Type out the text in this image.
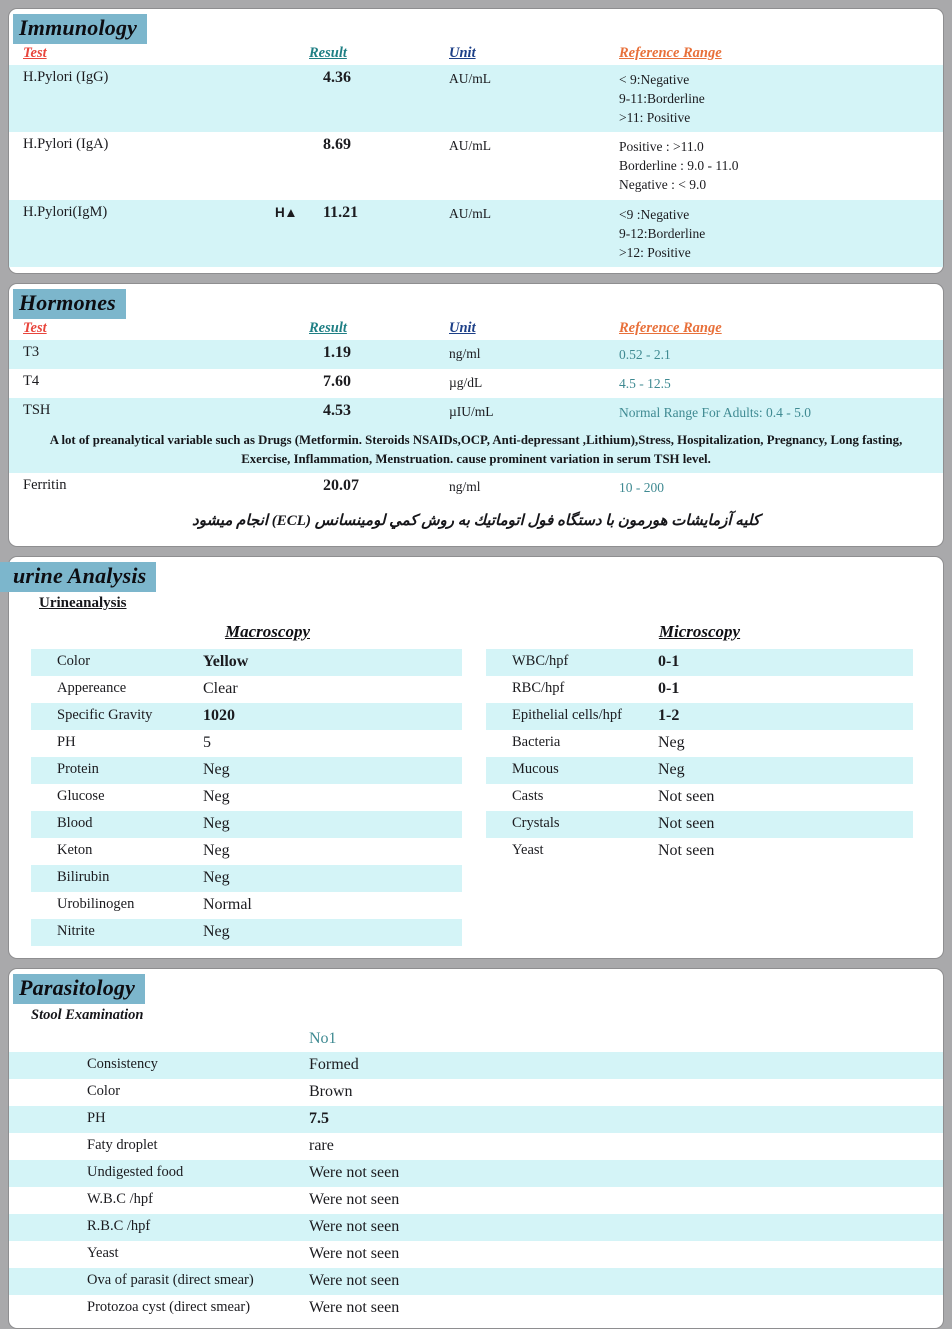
Immunology
Test	Result	Unit	Reference Range
H.Pylori (IgG)	4.36	AU/mL	< 9:Negative
9-11:Borderline
>11: Positive
H.Pylori (IgA)	8.69	AU/mL	Positive : >11.0
Borderline : 9.0 - 11.0
Negative : < 9.0
H.Pylori(IgM)	H▲ 11.21	AU/mL	<9 :Negative
9-12:Borderline
>12: Positive
Hormones
Test	Result	Unit	Reference Range
T3	1.19	ng/ml	0.52 - 2.1
T4	7.60	µg/dL	4.5 - 12.5
TSH	4.53	µIU/mL	Normal Range For Adults: 0.4 - 5.0
A lot of preanalytical variable such as Drugs (Metformin. Steroids NSAIDs,OCP, Anti-depressant ,Lithium),Stress, Hospitalization, Pregnancy, Long fasting, Exercise, Inflammation, Menstruation. cause prominent variation in serum TSH level.
Ferritin	20.07	ng/ml	10 - 200
كليه آزمايشات هورمون با دستگاه فول اتوماتيك به روش كمي لومينسانس (ECL) انجام ميشود
urine Analysis
Urineanalysis
Macroscopy
Color	Yellow
Appereance	Clear
Specific Gravity	1020
PH	5
Protein	Neg
Glucose	Neg
Blood	Neg
Keton	Neg
Bilirubin	Neg
Urobilinogen	Normal
Nitrite	Neg
Microscopy
WBC/hpf	0-1
RBC/hpf	0-1
Epithelial cells/hpf	1-2
Bacteria	Neg
Mucous	Neg
Casts	Not seen
Crystals	Not seen
Yeast	Not seen
Parasitology
Stool Examination
No1
Consistency	Formed
Color	Brown
PH	7.5
Faty droplet	rare
Undigested food	Were not seen
W.B.C /hpf	Were not seen
R.B.C /hpf	Were not seen
Yeast	Were not seen
Ova of parasit (direct smear)	Were not seen
Protozoa cyst (direct smear)	Were not seen
